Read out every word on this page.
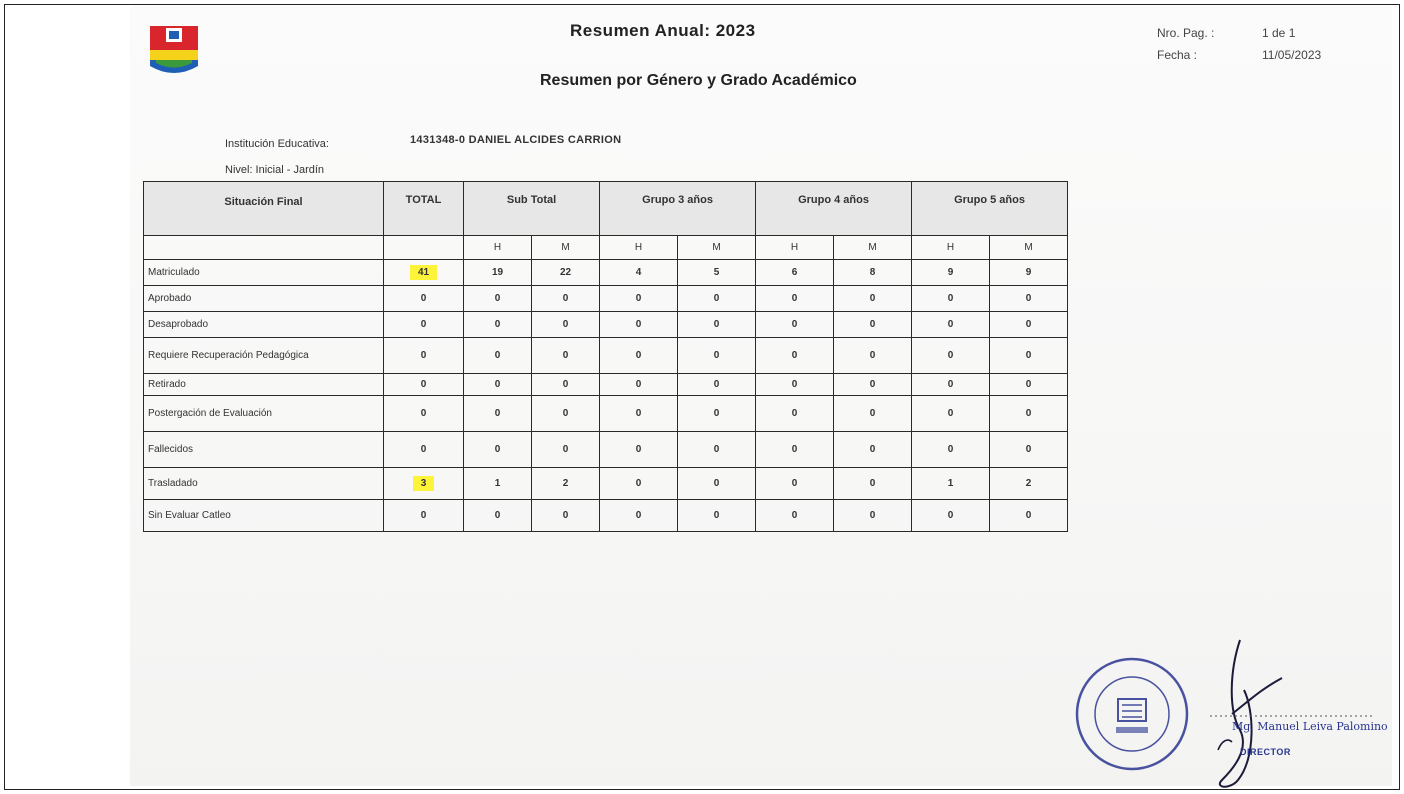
Resumen Anual: 2023
Resumen por Género y Grado Académico
Nro. Pag. :	1 de 1
Fecha :	11/05/2023
Institución Educativa:	1431348-0 DANIEL ALCIDES CARRION
Nivel: Inicial - Jardín
Situación Final	TOTAL	Sub Total		Grupo 3 años		Grupo 4 años		Grupo 5 años	
		H	M	H	M	H	M	H	M
Matriculado	41	19	22	4	5	6	8	9	9
Aprobado	0	0	0	0	0	0	0	0	0
Desaprobado	0	0	0	0	0	0	0	0	0
Requiere Recuperación Pedagógica	0	0	0	0	0	0	0	0	0
Retirado	0	0	0	0	0	0	0	0	0
Postergación de Evaluación	0	0	0	0	0	0	0	0	0
Fallecidos	0	0	0	0	0	0	0	0	0
Trasladado	3	1	2	0	0	0	0	1	2
Sin Evaluar Catleo	0	0	0	0	0	0	0	0	0
Mg. Manuel Leiva Palomino
DIRECTOR
